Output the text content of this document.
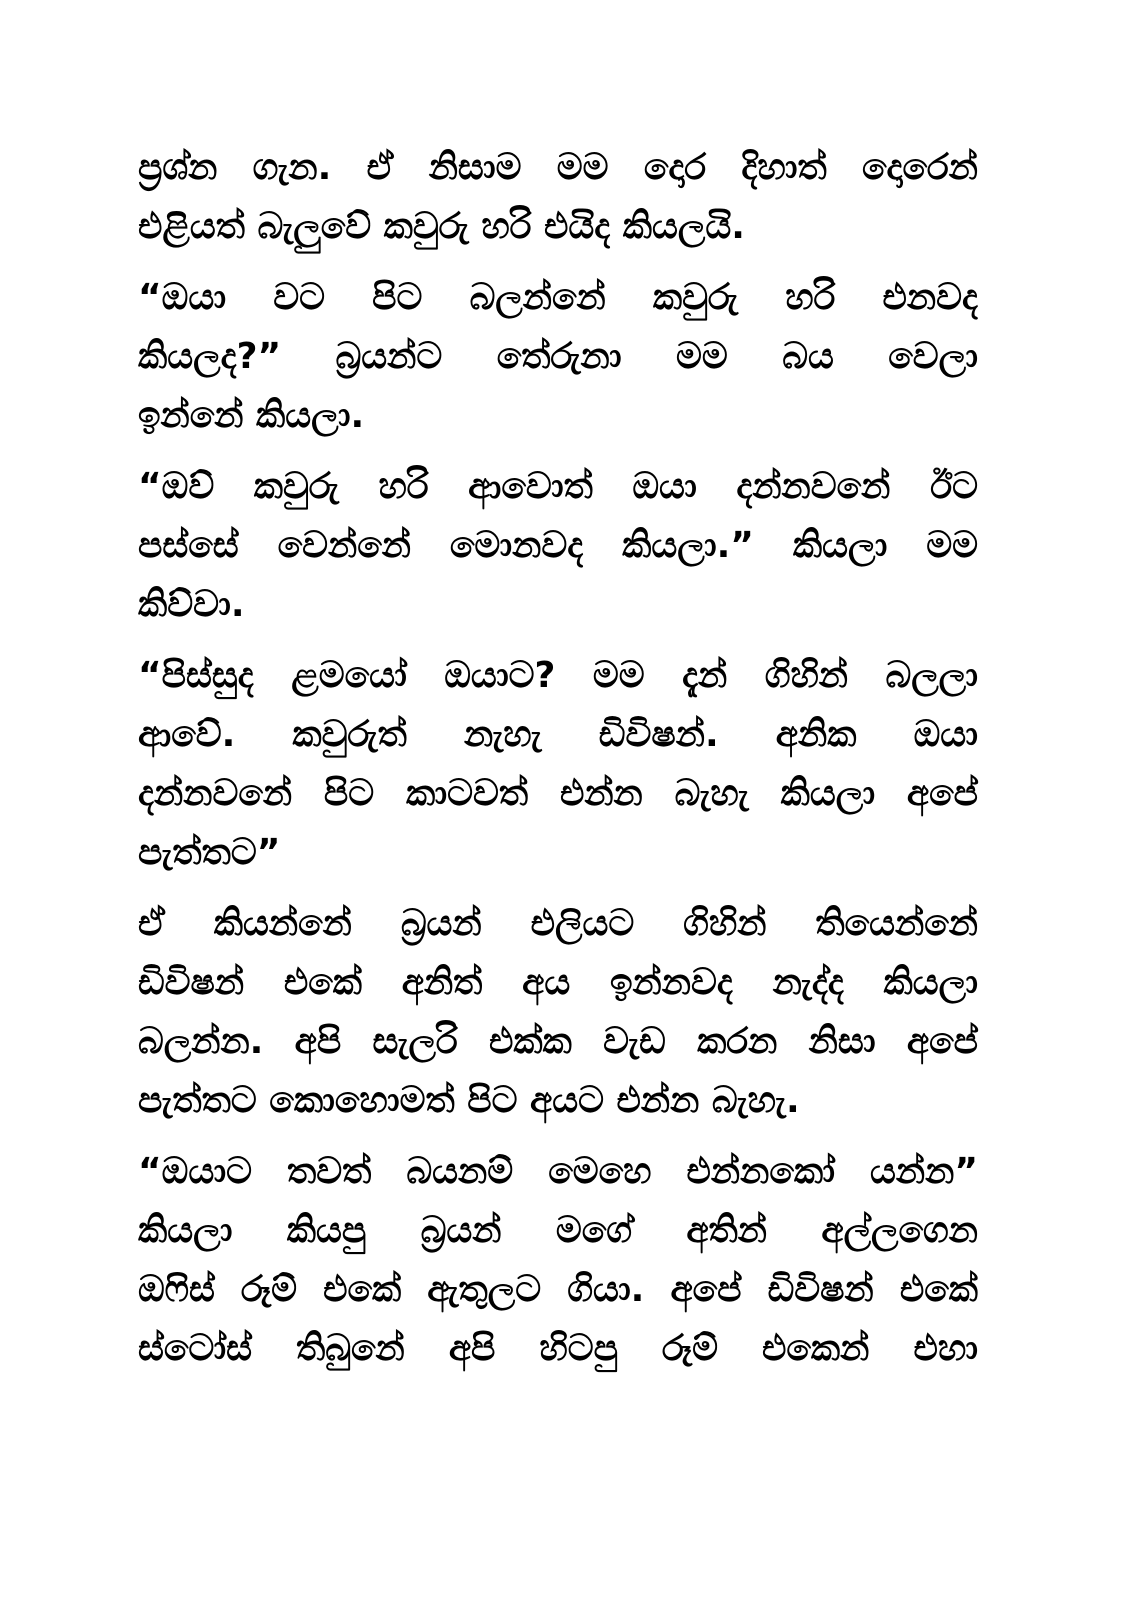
ප්‍රශ්න ගැන. ඒ නිසාම මම දොර දිහාත් දොරෙන්
එළියත් බැලුවේ කවුරු හරි එයිද කියලයි.
“ඔයා වට පිට බලන්නේ කවුරු හරි එනවද
කියලද?” බ්‍රයන්ට තේරුනා මම බය වෙලා
ඉන්නේ කියලා.
“ඔව් කවුරු හරි ආවොත් ඔයා දන්නවනේ ඊට
පස්සේ වෙන්නේ මොනවද කියලා.” කියලා මම
කිව්වා.
“පිස්සුද ළමයෝ ඔයාට? මම දැන් ගිහින් බලලා
ආවේ. කවුරුත් නැහැ ඩිවිෂන්. අනික ඔයා
දන්නවනේ පිට කාටවත් එන්න බැහැ කියලා අපේ
පැත්තට”
ඒ කියන්නේ බ්‍රයන් එලියට ගිහින් තියෙන්නේ
ඩිවිෂන් එකේ අනිත් අය ඉන්නවද නැද්ද කියලා
බලන්න. අපි සැලරි එක්ක වැඩ කරන නිසා අපේ
පැත්තට කොහොමත් පිට අයට එන්න බැහැ.
“ඔයාට තවත් බයනම් මෙහෙ එන්නකෝ යන්න”
කියලා කියපු බ්‍රයන් මගේ අතින් අල්ලගෙන
ඔෆිස් රූම් එකේ ඇතුලට ගියා. අපේ ඩිවිෂන් එකේ
ස්ටෝස් තිබුනේ අපි හිටපු රූම් එකෙන් එහා
